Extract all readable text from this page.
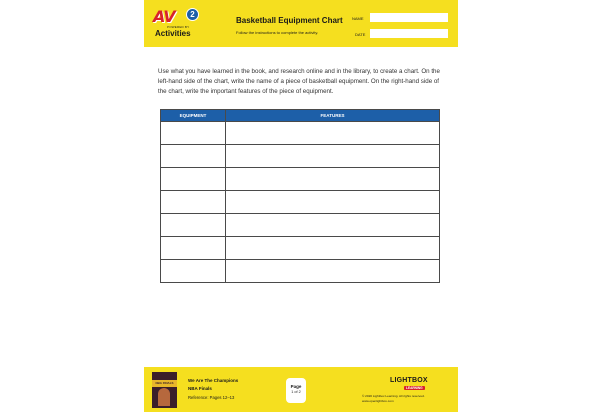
AV	2
POWERED BY
Activities
Basketball Equipment Chart
Follow the instructions to complete the activity.
NAME
DATE
Use what you have learned in the book, and research online and in the library, to create a chart. On the left-hand side of the chart, write the name of a piece of basketball equipment. On the right-hand side of the chart, write the important features of the piece of equipment.
EQUIPMENT	FEATURES

NBA FINALS	We Are The Champions
NBA Finals
Reference: Pages 12–13
Page
1 of 2
LIGHTBOX
LEARNING
© 2020 Lightbox Learning. All rights reserved.
www.openlightbox.com
